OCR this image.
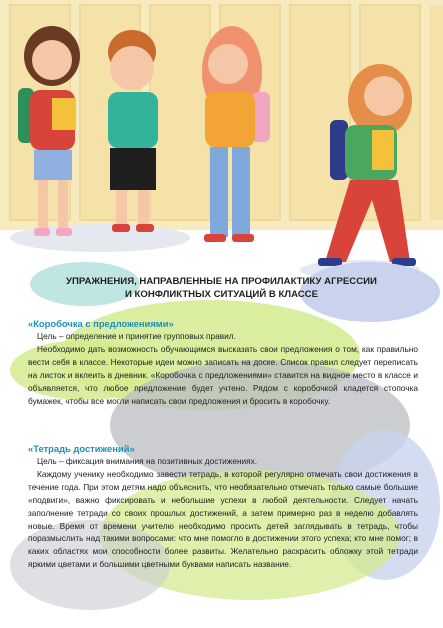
УПРАЖНЕНИЯ, НАПРАВЛЕННЫЕ НА ПРОФИЛАКТИКУ АГРЕССИИ
И КОНФЛИКТНЫХ СИТУАЦИЙ В КЛАССЕ
«Коробочка с предложениями»

Цель – определение и принятие групповых правил.

Необходимо дать возможность обучающимся высказать свои предложения о том, как правильно вести себя в классе. Некоторые идеи можно записать на доске. Список правил следует переписать на листок и вклеить в дневник. «Коробочка с предложениями» ставится на видное место в классе и объявляется, что любое предложение будет учтено. Рядом с коробочкой кладется стопочка бумажек, чтобы все могли написать свои предложения и бросить в коробочку.

«Тетрадь достижений»

Цель – фиксация внимания на позитивных достижениях.

Каждому ученику необходимо завести тетрадь, в которой регулярно отмечать свои достижения в течение года. При этом детям надо объяснить, что необязательно отмечать только самые большие «подвиги», важно фиксировать и небольшие успехи в любой деятельности. Следует начать заполнение тетради со своих прошлых достижений, а затем примерно раз в неделю добавлять новые. Время от времени учителю необходимо просить детей заглядывать в тетрадь, чтобы поразмыслить над такими вопросами: что мне помогло в достижении этого успеха; кто мне помог; в каких областях мои способности более развиты. Желательно раскрасить обложку этой тетради яркими цветами и большими цветными буквами написать название.
